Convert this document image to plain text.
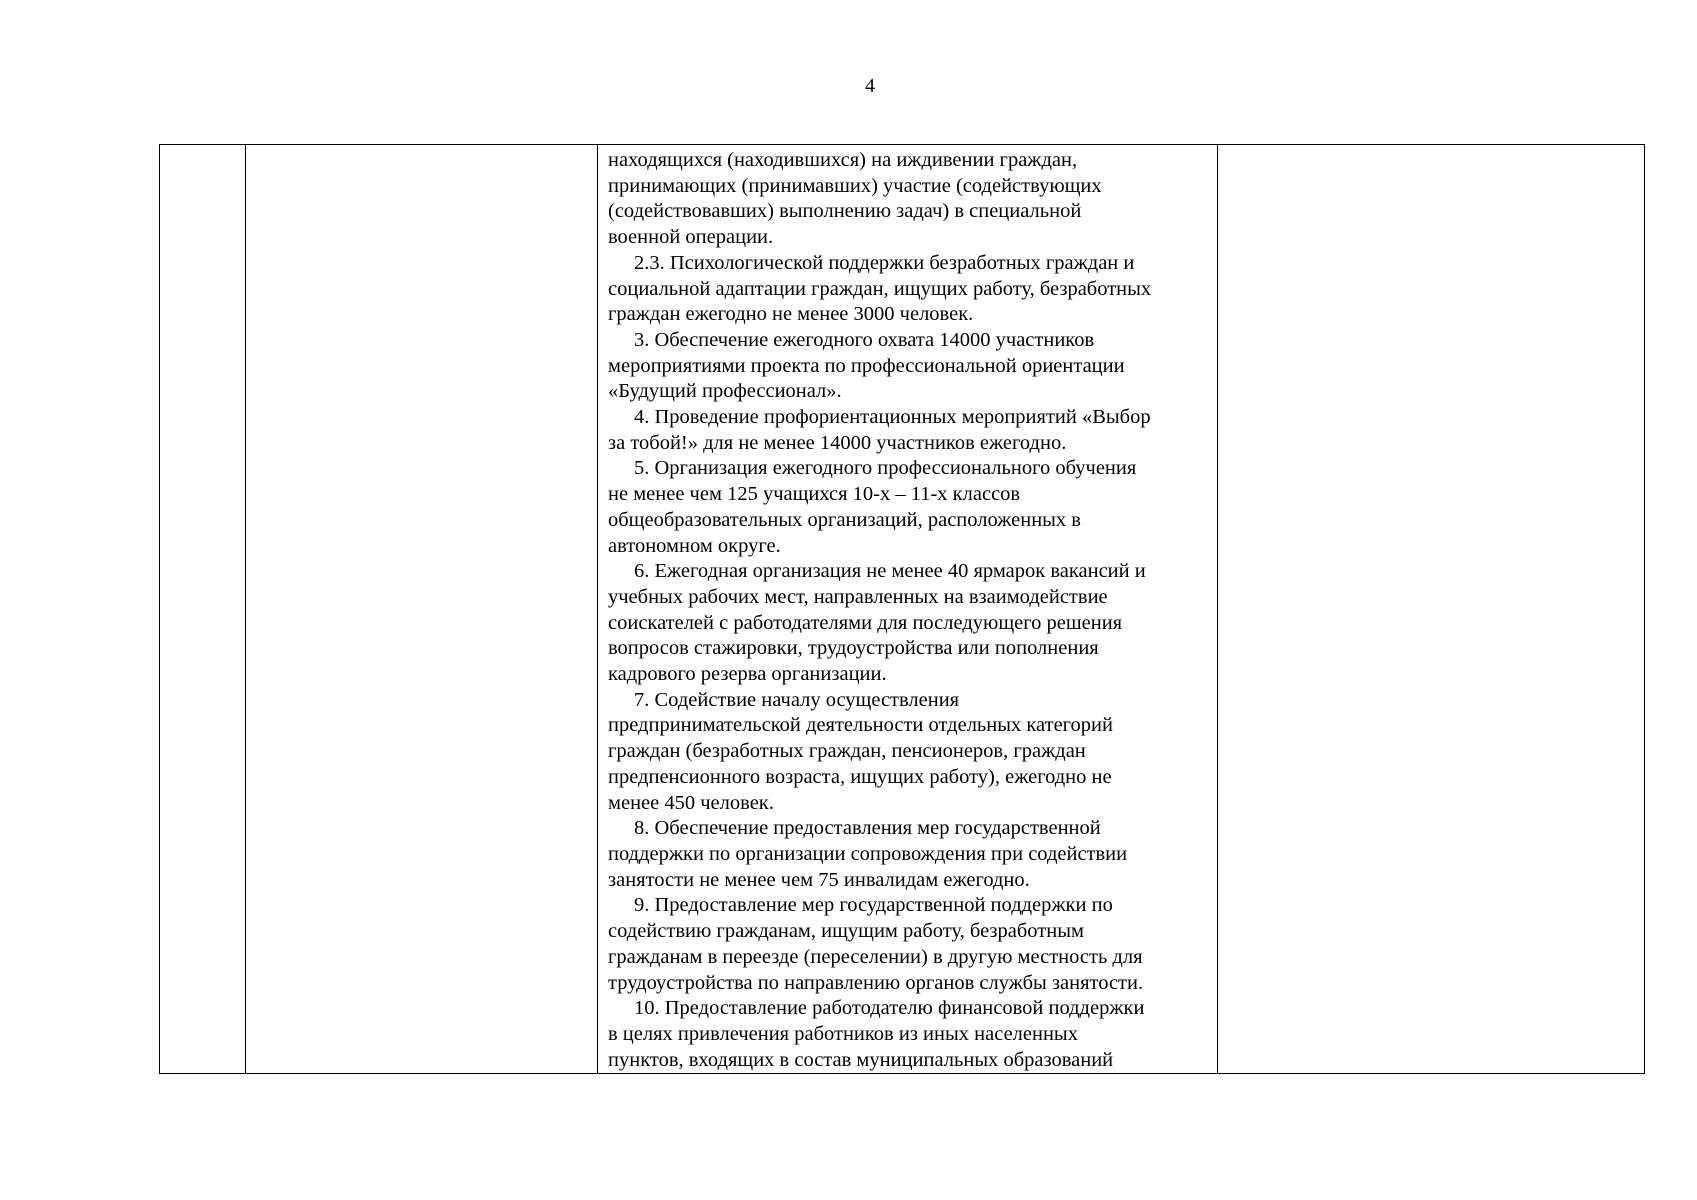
4

находящихся (находившихся) на иждивении граждан,
принимающих (принимавших) участие (содействующих
(содействовавших) выполнению задач) в специальной
военной операции.
2.3. Психологической поддержки безработных граждан и
социальной адаптации граждан, ищущих работу, безработных
граждан ежегодно не менее 3000 человек.
3. Обеспечение ежегодного охвата 14000 участников
мероприятиями проекта по профессиональной ориентации
«Будущий профессионал».
4. Проведение профориентационных мероприятий «Выбор
за тобой!» для не менее 14000 участников ежегодно.
5. Организация ежегодного профессионального обучения
не менее чем 125 учащихся 10-х – 11-х классов
общеобразовательных организаций, расположенных в
автономном округе.
6. Ежегодная организация не менее 40 ярмарок вакансий и
учебных рабочих мест, направленных на взаимодействие
соискателей с работодателями для последующего решения
вопросов стажировки, трудоустройства или пополнения
кадрового резерва организации.
7. Содействие началу осуществления
предпринимательской деятельности отдельных категорий
граждан (безработных граждан, пенсионеров, граждан
предпенсионного возраста, ищущих работу), ежегодно не
менее 450 человек.
8. Обеспечение предоставления мер государственной
поддержки по организации сопровождения при содействии
занятости не менее чем 75 инвалидам ежегодно.
9. Предоставление мер государственной поддержки по
содействию гражданам, ищущим работу, безработным
гражданам в переезде (переселении) в другую местность для
трудоустройства по направлению органов службы занятости.
10. Предоставление работодателю финансовой поддержки
в целях привлечения работников из иных населенных
пунктов, входящих в состав муниципальных образований
